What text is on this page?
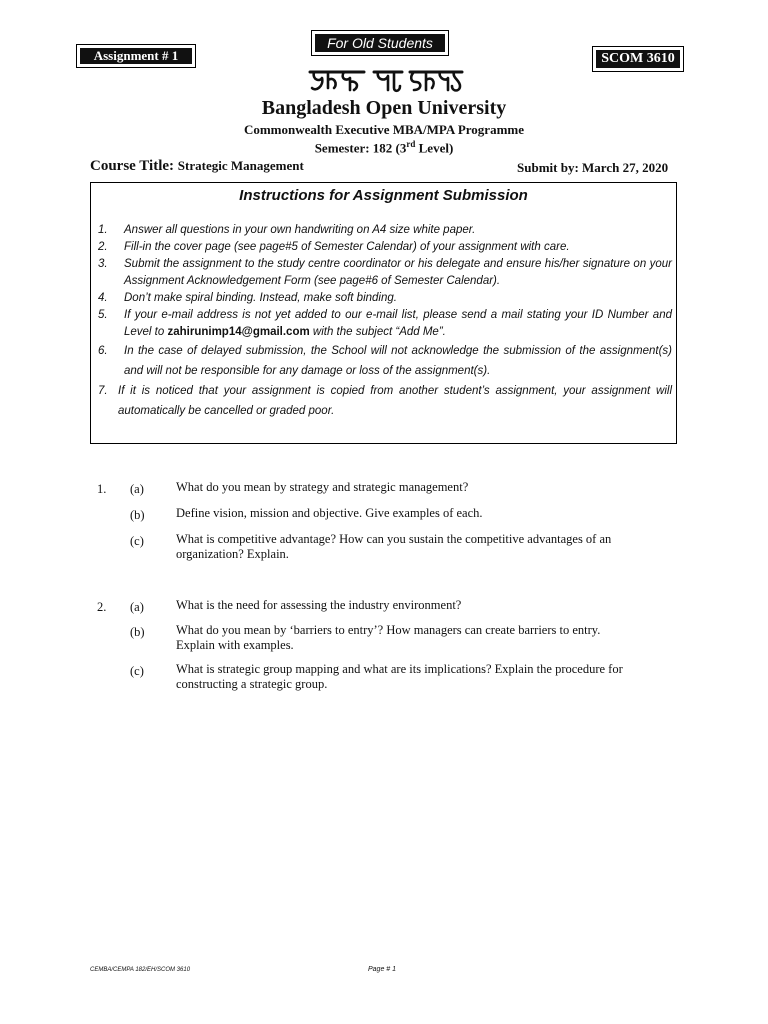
Assignment # 1
For Old Students
SCOM 3610
Bangladesh Open University
Commonwealth Executive MBA/MPA Programme
Semester: 182 (3rd Level)
Course Title: Strategic Management	Submit by: March 27, 2020
Instructions for Assignment Submission
1.	Answer all questions in your own handwriting on A4 size white paper.
2.	Fill-in the cover page (see page#5 of Semester Calendar) of your assignment with care.
3.	Submit the assignment to the study centre coordinator or his delegate and ensure his/her signature on your Assignment Acknowledgement Form (see page#6 of Semester Calendar).
4.	Don’t make spiral binding. Instead, make soft binding.
5.	If your e-mail address is not yet added to our e-mail list, please send a mail stating your ID Number and Level to zahirunimp14@gmail.com with the subject “Add Me”.
6.	In the case of delayed submission, the School will not acknowledge the submission of the assignment(s) and will not be responsible for any damage or loss of the assignment(s).
7. If it is noticed that your assignment is copied from another student’s assignment, your assignment will automatically be cancelled or graded poor.
1. (a)	What do you mean by strategy and strategic management?
(b)	Define vision, mission and objective. Give examples of each.
(c)	What is competitive advantage? How can you sustain the competitive advantages of an
organization? Explain.
2. (a)	What is the need for assessing the industry environment?
(b)	What do you mean by ‘barriers to entry’? How managers can create barriers to entry.
Explain with examples.
(c)	What is strategic group mapping and what are its implications? Explain the procedure for
constructing a strategic group.
CEMBA/CEMPA 182/EH/SCOM 3610	Page # 1
